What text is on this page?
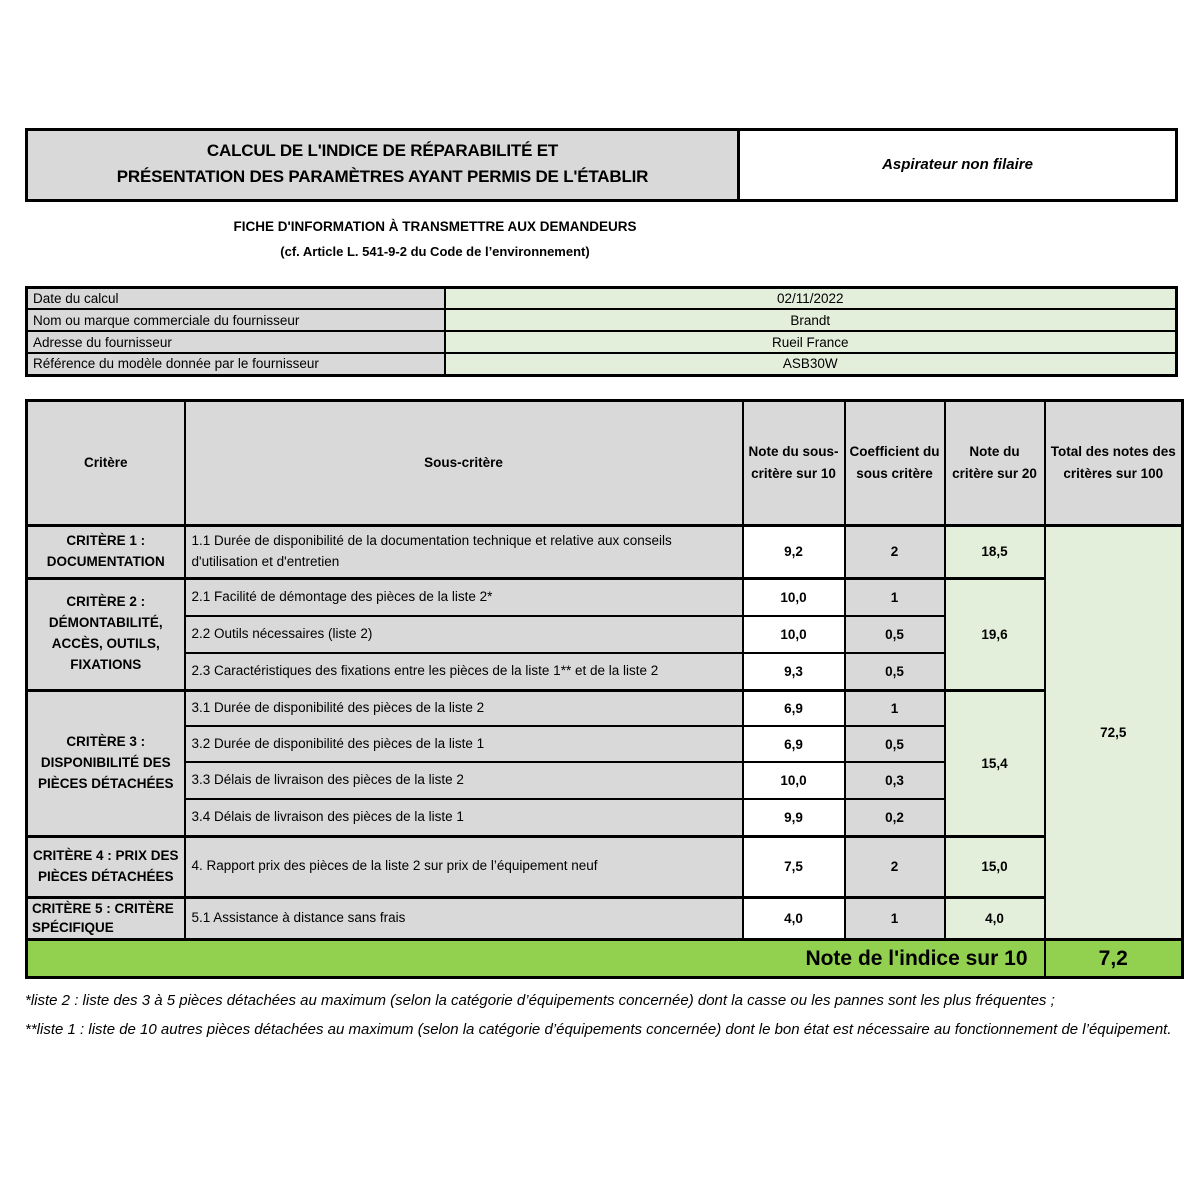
CALCUL DE L'INDICE DE RÉPARABILITÉ ET
PRÉSENTATION DES PARAMÈTRES AYANT PERMIS DE L'ÉTABLIR
Aspirateur non filaire
FICHE D'INFORMATION À TRANSMETTRE AUX DEMANDEURS
(cf. Article L. 541-9-2 du Code de l’environnement)
Date du calcul	02/11/2022
Nom ou marque commerciale du fournisseur	Brandt
Adresse du fournisseur	Rueil France
Référence du modèle donnée par le fournisseur	ASB30W
Critère	Sous-critère	Note du sous-critère sur 10	Coefficient du sous critère	Note du critère sur 20	Total des notes des critères sur 100
CRITÈRE 1 : DOCUMENTATION	1.1 Durée de disponibilité de la documentation technique et relative aux conseils d'utilisation et d'entretien	9,2	2	18,5	72,5
CRITÈRE 2 : DÉMONTABILITÉ, ACCÈS, OUTILS, FIXATIONS	2.1 Facilité de démontage des pièces de la liste 2*	10,0	1	19,6	
	2.2 Outils nécessaires (liste 2)	10,0	0,5		
	2.3 Caractéristiques des fixations entre les pièces de la liste 1** et de la liste 2	9,3	0,5		
CRITÈRE 3 : DISPONIBILITÉ DES PIÈCES DÉTACHÉES	3.1 Durée de disponibilité des pièces de la liste 2	6,9	1	15,4	
	3.2 Durée de disponibilité des pièces de la liste 1	6,9	0,5		
	3.3 Délais de livraison des pièces de la liste 2	10,0	0,3		
	3.4 Délais de livraison des pièces de la liste 1	9,9	0,2		
CRITÈRE 4 : PRIX DES PIÈCES DÉTACHÉES	4. Rapport prix des pièces de la liste 2 sur prix de l’équipement neuf	7,5	2	15,0	
CRITÈRE 5 : CRITÈRE SPÉCIFIQUE	5.1 Assistance à distance sans frais	4,0	1	4,0	
Note de l'indice sur 10					7,2

*liste 2 : liste des 3 à 5 pièces détachées au maximum (selon la catégorie d’équipements concernée) dont la casse ou les pannes sont les plus fréquentes ;

**liste 1 : liste de 10 autres pièces détachées au maximum (selon la catégorie d’équipements concernée) dont le bon état est nécessaire au fonctionnement de l’équipement.
